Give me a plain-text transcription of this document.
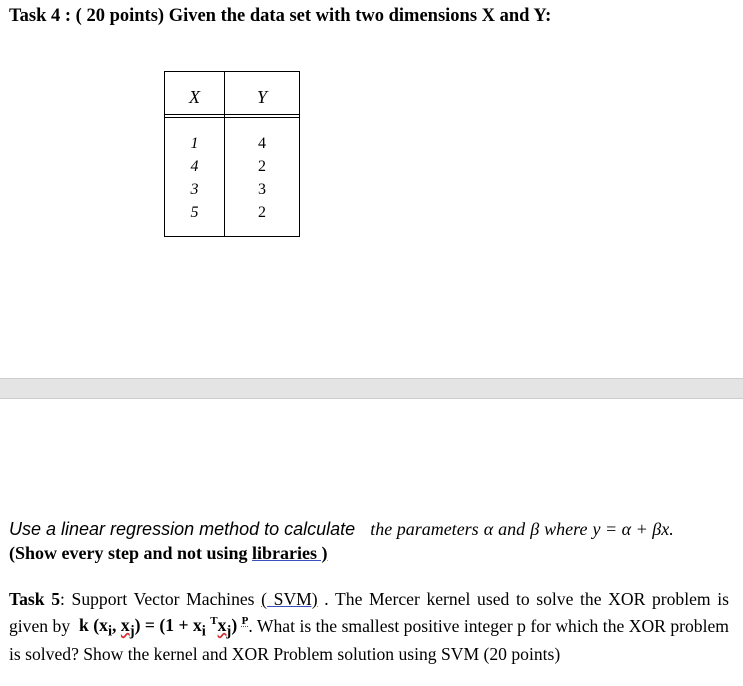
Task 4 : ( 20 points) Given the data set with two dimensions X and Y:
X	Y
1
4
3
5
4
2
3
2
Use a linear regression method to calculate the parameters α and β where y = α + βx.
(Show every step and not using libraries )
Task 5: Support Vector Machines ( SVM) . The Mercer kernel used to solve the XOR problem is given by k ($x_i$, $x_j) = (1 + x_i$ $^Tx_j$) $^P$. What is the smallest positive integer p for which the XOR problem is solved? Show the kernel and XOR Problem solution using SVM (20 points)
